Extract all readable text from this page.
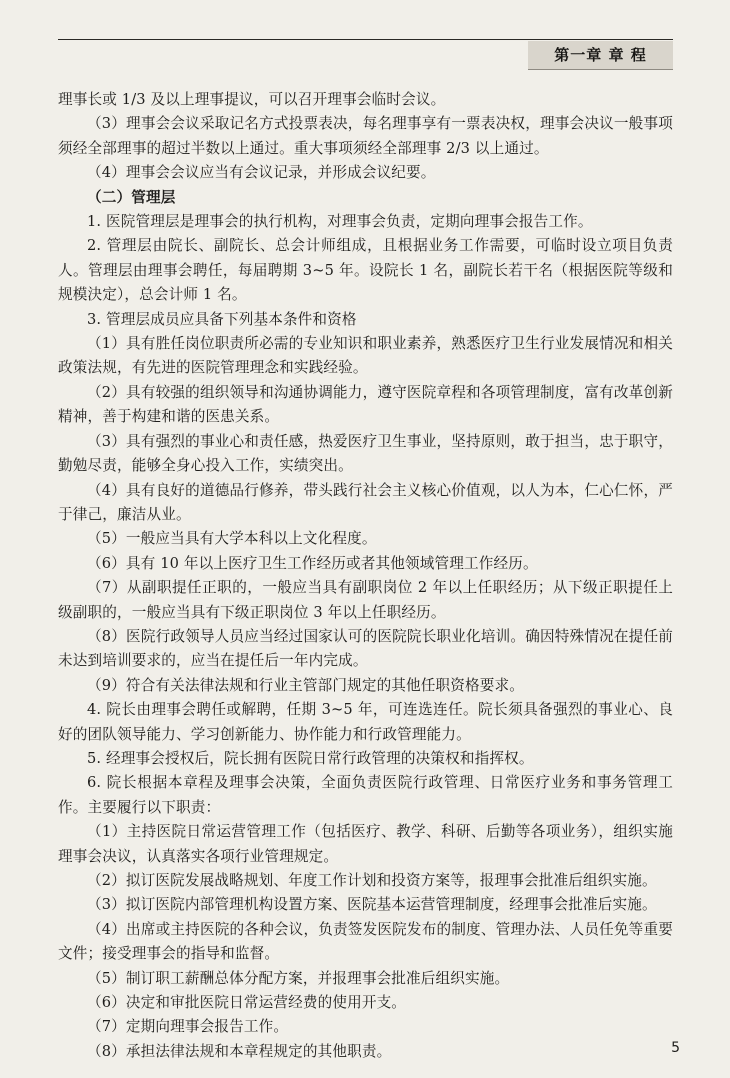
第一章 章 程

理事长或 1/3 及以上理事提议，可以召开理事会临时会议。

（3）理事会会议采取记名方式投票表决，每名理事享有一票表决权，理事会决议一般事项须经全部理事的超过半数以上通过。重大事项须经全部理事 2/3 以上通过。

（4）理事会会议应当有会议记录，并形成会议纪要。

（二）管理层

1. 医院管理层是理事会的执行机构，对理事会负责，定期向理事会报告工作。

2. 管理层由院长、副院长、总会计师组成，且根据业务工作需要，可临时设立项目负责人。管理层由理事会聘任，每届聘期 3~5 年。设院长 1 名，副院长若干名（根据医院等级和规模決定），总会计师 1 名。

3. 管理层成员应具备下列基本条件和资格

（1）具有胜任岗位职责所必需的专业知识和职业素养，熟悉医疗卫生行业发展情况和相关政策法规，有先进的医院管理理念和实践经验。

（2）具有较强的组织领导和沟通协调能力，遵守医院章程和各项管理制度，富有改革创新精神，善于构建和谐的医患关系。

（3）具有强烈的事业心和责任感，热爱医疗卫生事业，坚持原则，敢于担当，忠于职守，勤勉尽责，能够全身心投入工作，实绩突出。

（4）具有良好的道德品行修养，带头践行社会主义核心价值观，以人为本，仁心仁怀，严于律己，廉洁从业。

（5）一般应当具有大学本科以上文化程度。

（6）具有 10 年以上医疗卫生工作经历或者其他领域管理工作经历。

（7）从副职提任正职的，一般应当具有副职岗位 2 年以上任职经历；从下级正职提任上级副职的，一般应当具有下级正职岗位 3 年以上任职经历。

（8）医院行政领导人员应当经过国家认可的医院院长职业化培训。确因特殊情况在提任前未达到培训要求的，应当在提任后一年内完成。

（9）符合有关法律法规和行业主管部门规定的其他任职资格要求。

4. 院长由理事会聘任或解聘，任期 3~5 年，可连选连任。院长须具备强烈的事业心、良好的团队领导能力、学习创新能力、协作能力和行政管理能力。

5. 经理事会授权后，院长拥有医院日常行政管理的决策权和指挥权。

6. 院长根据本章程及理事会决策，全面负责医院行政管理、日常医疗业务和事务管理工作。主要履行以下职责：

（1）主持医院日常运营管理工作（包括医疗、教学、科研、后勤等各项业务），组织实施理事会决议，认真落实各项行业管理规定。

（2）拟订医院发展战略规划、年度工作计划和投资方案等，报理事会批准后组织实施。

（3）拟订医院内部管理机构设置方案、医院基本运营管理制度，经理事会批准后实施。

（4）出席或主持医院的各种会议，负责签发医院发布的制度、管理办法、人员任免等重要文件；接受理事会的指导和监督。

（5）制订职工薪酬总体分配方案，并报理事会批准后组织实施。

（6）决定和审批医院日常运营经费的使用开支。

（7）定期向理事会报告工作。

（8）承担法律法规和本章程规定的其他职责。	5
